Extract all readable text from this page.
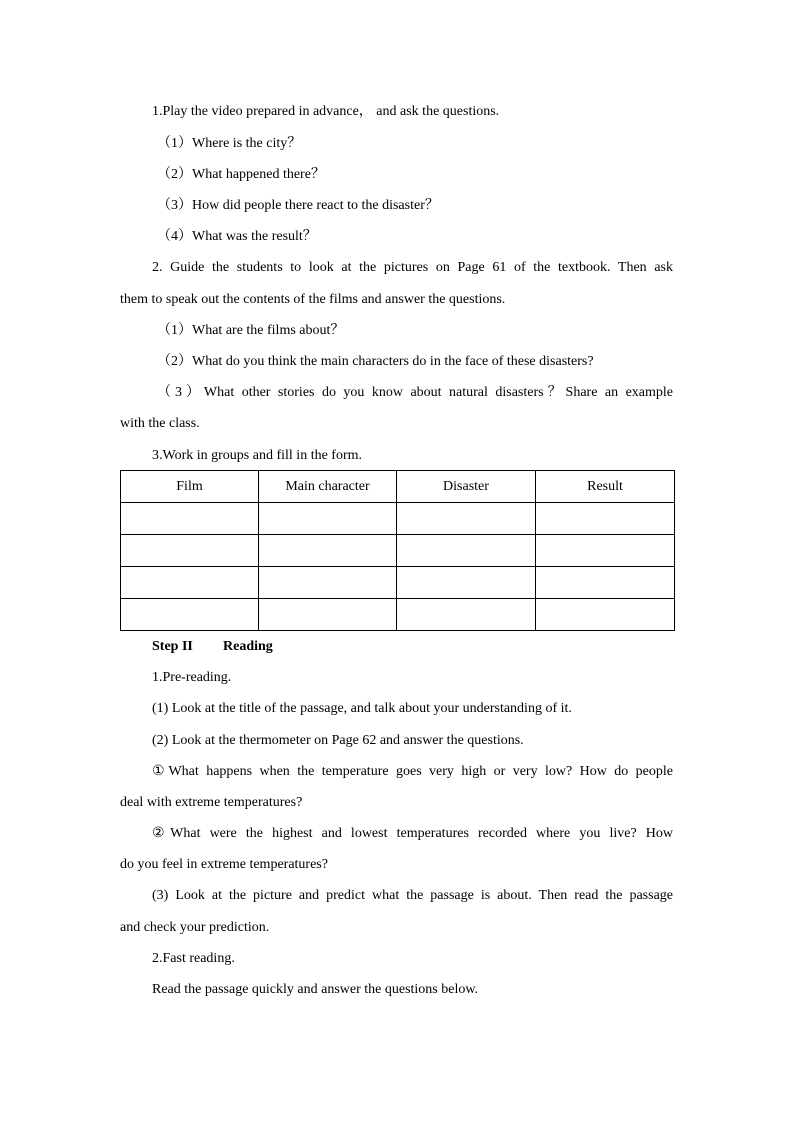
1.Play the video prepared in advance， and ask the questions.
（1）Where is the city？
（2）What happened there？
（3）How did people there react to the disaster？
（4）What was the result？
2. Guide the students to look at the pictures on Page 61 of the textbook. Then ask
them to speak out the contents of the films and answer the questions.
（1）What are the films about？
（2）What do you think the main characters do in the face of these disasters?
（3）What other stories do you know about natural disasters？Share an example
with the class.
3.Work in groups and fill in the form.
Film	Main character	Disaster	Result

Step II Reading
1.Pre-reading.
(1) Look at the title of the passage, and talk about your understanding of it.
(2) Look at the thermometer on Page 62 and answer the questions.
①What happens when the temperature goes very high or very low? How do people
deal with extreme temperatures?
②What were the highest and lowest temperatures recorded where you live? How
do you feel in extreme temperatures?
(3) Look at the picture and predict what the passage is about. Then read the passage
and check your prediction.
2.Fast reading.
Read the passage quickly and answer the questions below.
